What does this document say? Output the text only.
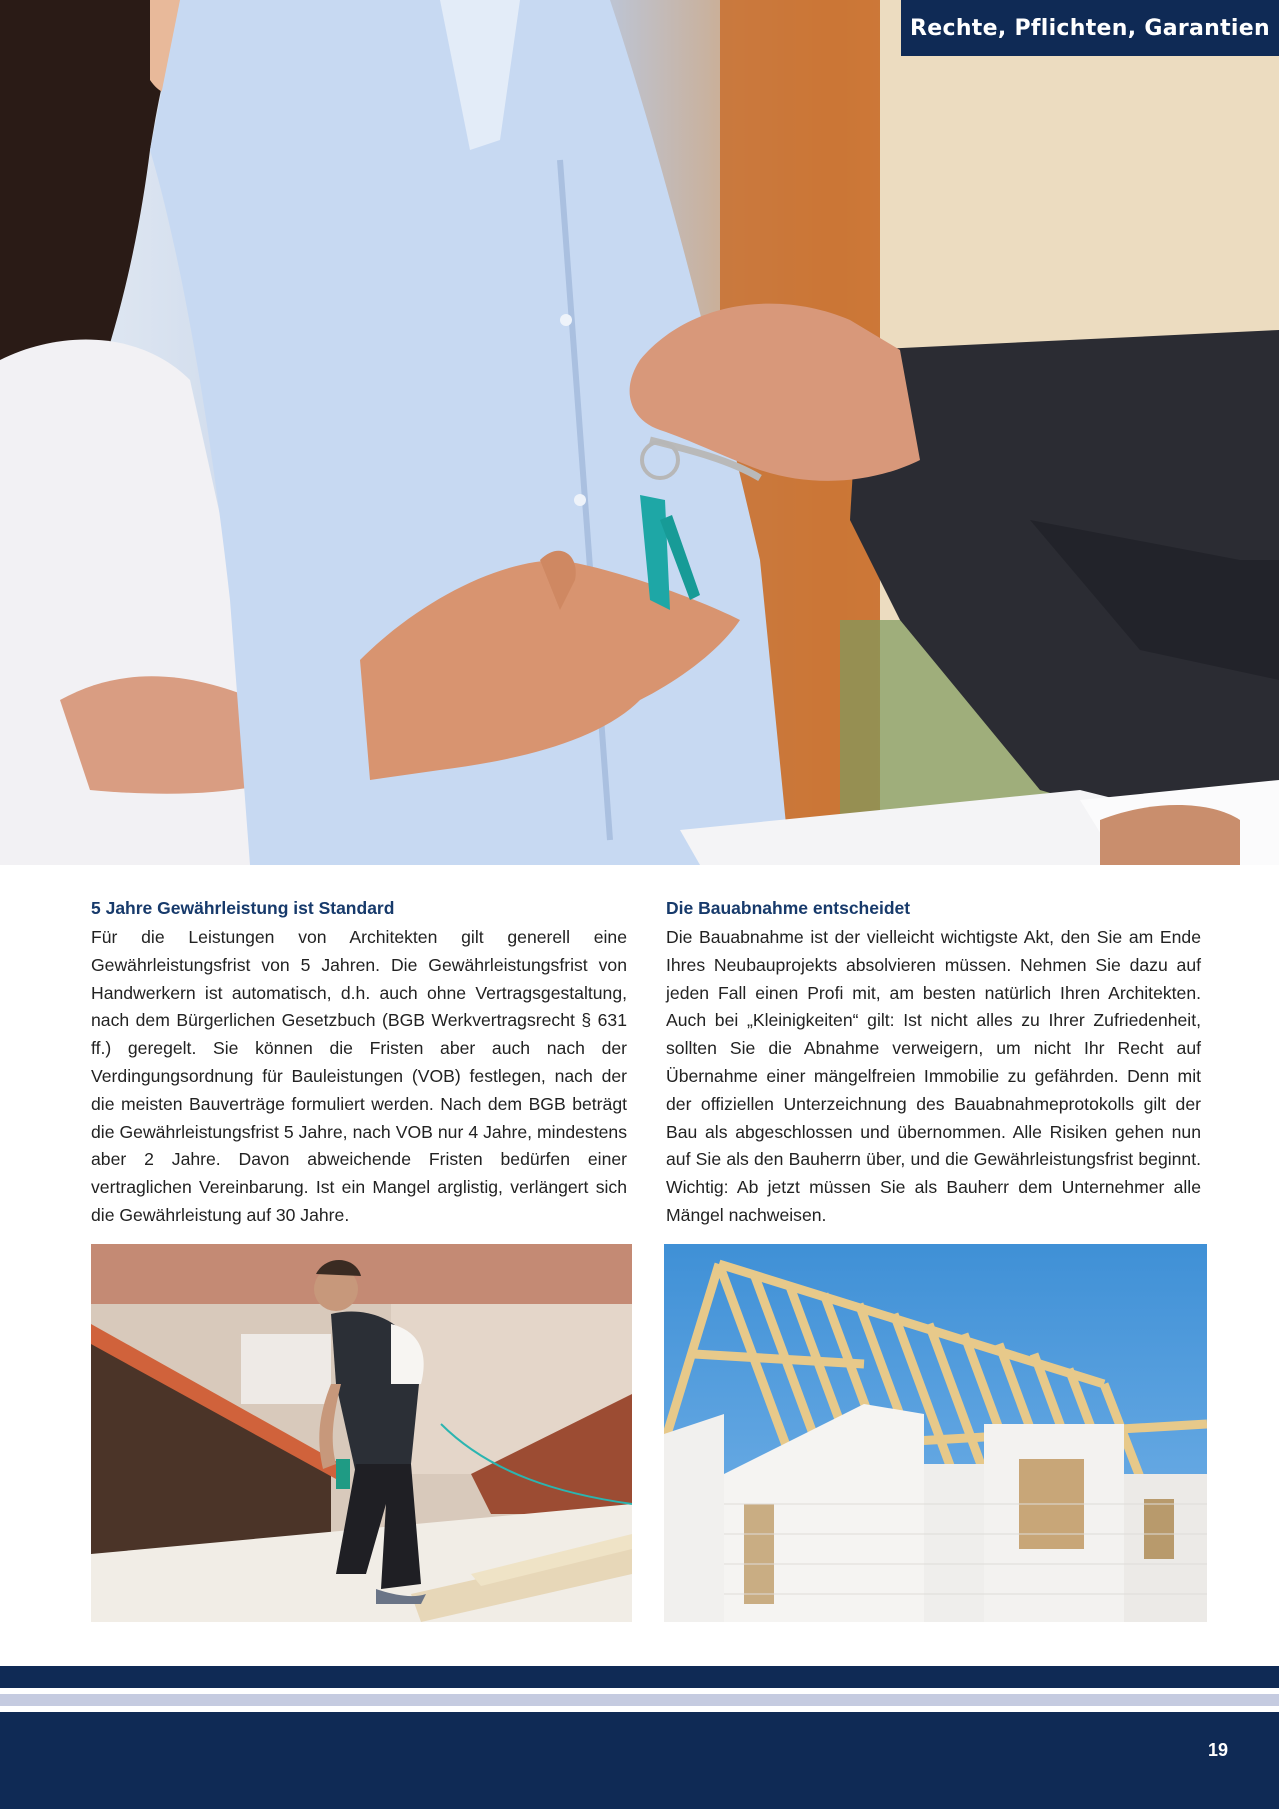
Rechte, Pflichten, Garantien
5 Jahre Gewährleistung ist Standard

Für die Leistungen von Architekten gilt generell eine Gewährleistungsfrist von 5 Jahren. Die Gewährleistungsfrist von Handwerkern ist automatisch, d.h. auch ohne Vertragsgestaltung, nach dem Bürgerlichen Gesetzbuch (BGB Werkvertragsrecht § 631 ff.) geregelt. Sie können die Fristen aber auch nach der Verdingungsordnung für Bauleistungen (VOB) festlegen, nach der die meisten Bauverträge formuliert werden. Nach dem BGB beträgt die Gewährleistungsfrist 5 Jahre, nach VOB nur 4 Jahre, mindestens aber 2 Jahre. Davon abweichende Fristen bedürfen einer vertraglichen Vereinbarung. Ist ein Mangel arglistig, verlängert sich die Gewährleistung auf 30 Jahre.

Die Bauabnahme entscheidet

Die Bauabnahme ist der vielleicht wichtigste Akt, den Sie am Ende Ihres Neubauprojekts absolvieren müssen. Nehmen Sie dazu auf jeden Fall einen Profi mit, am besten natürlich Ihren Architekten. Auch bei „Kleinigkeiten“ gilt: Ist nicht alles zu Ihrer Zufriedenheit, sollten Sie die Abnahme verweigern, um nicht Ihr Recht auf Übernahme einer mängelfreien Immobilie zu gefährden. Denn mit der offiziellen Unterzeichnung des Bauabnahmeprotokolls gilt der Bau als abgeschlossen und übernommen. Alle Risiken gehen nun auf Sie als den Bauherrn über, und die Gewährleistungsfrist beginnt. Wichtig: Ab jetzt müssen Sie als Bauherr dem Unternehmer alle Mängel nachweisen.

19
